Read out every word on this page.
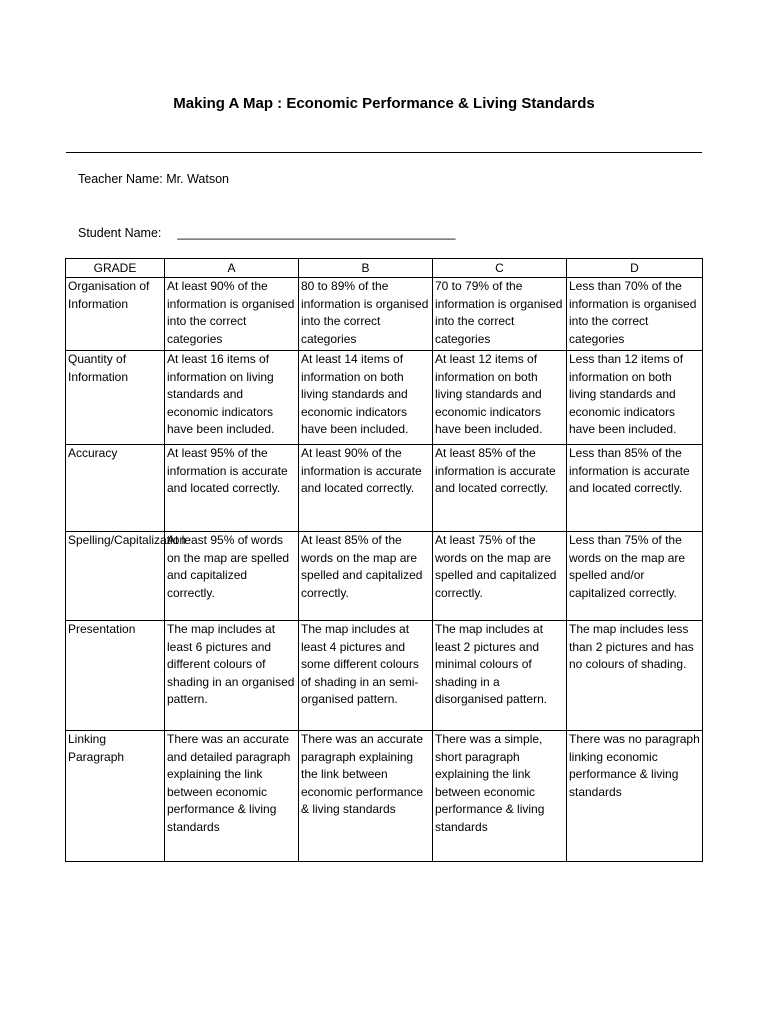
Making A Map : Economic Performance & Living Standards
Teacher Name: Mr. Watson
Student Name: ________________________________________
GRADE	A	B	C	D
Organisation of Information	At least 90% of the information is organised into the correct categories	80 to 89% of the information is organised into the correct categories	70 to 79% of the information is organised into the correct categories	Less than 70% of the information is organised into the correct categories
Quantity of Information	At least 16 items of information on living standards and economic indicators have been included.	At least 14 items of information on both living standards and economic indicators have been included.	At least 12 items of information on both living standards and economic indicators have been included.	Less than 12 items of information on both living standards and economic indicators have been included.
Accuracy	At least 95% of the information is accurate and located correctly.	At least 90% of the information is accurate and located correctly.	At least 85% of the information is accurate and located correctly.	Less than 85% of the information is accurate and located correctly.
Spelling/Capitalization	At least 95% of words on the map are spelled and capitalized correctly.	At least 85% of the words on the map are spelled and capitalized correctly.	At least 75% of the words on the map are spelled and capitalized correctly.	Less than 75% of the words on the map are spelled and/or capitalized correctly.
Presentation	The map includes at least 6 pictures and different colours of shading in an organised pattern.	The map includes at least 4 pictures and some different colours of shading in an semi-organised pattern.	The map includes at least 2 pictures and minimal colours of shading in a disorganised pattern.	The map includes less than 2 pictures and has no colours of shading.
Linking Paragraph	There was an accurate and detailed paragraph explaining the link between economic performance & living standards	There was an accurate paragraph explaining the link between economic performance & living standards	There was a simple, short paragraph explaining the link between economic performance & living standards	There was no paragraph linking economic performance & living standards
